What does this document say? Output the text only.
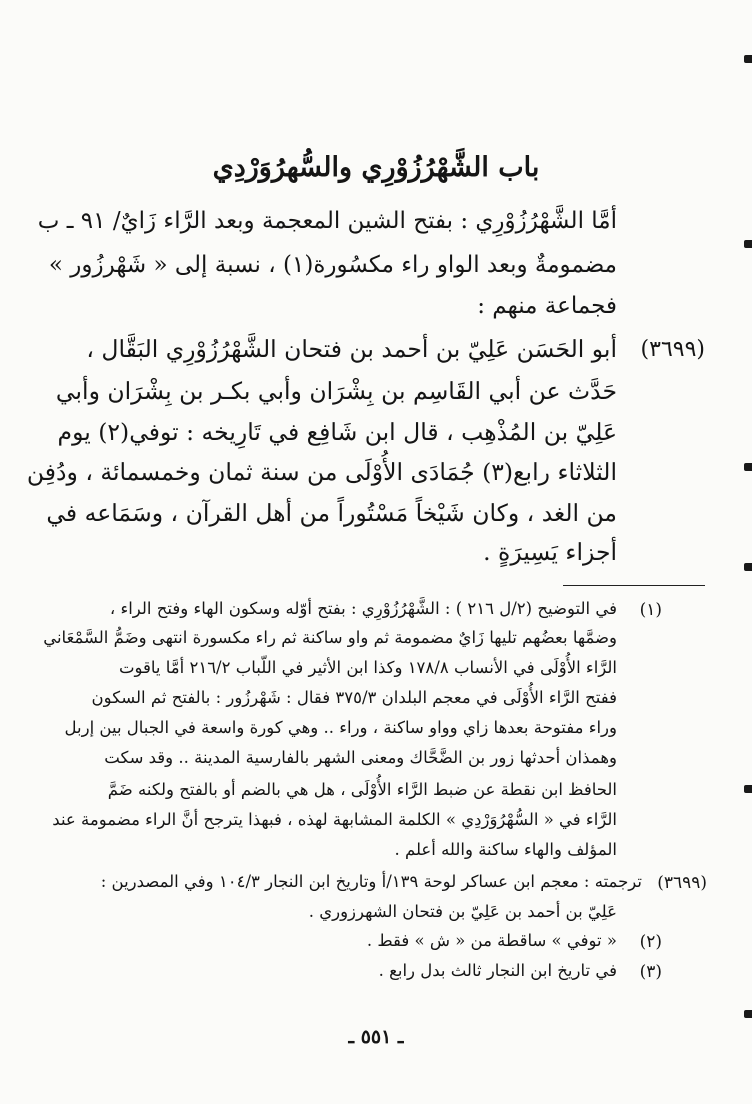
باب الشَّهْرُزُوْرِي والسُّهرُوَرْدِي
أمَّا الشَّهْرُزُوْرِي : بفتح الشين المعجمة وبعد الرَّاء زَايٌ/ ٩١ ـ ب
مضمومةٌ وبعد الواو راء مكسُورة(١) ، نسبة إلى « شَهْرزُور »
فجماعة منهم :
(٣٦٩٩)
أبو الحَسَن عَلِيّ بن أحمد بن فتحان الشَّهْرُزُوْرِي البَقَّال ،
حَدَّث عن أبي القَاسِم بن بِشْرَان وأبي بكـر بن بِشْرَان وأبي
عَلِيّ بن المُذْهِب ، قال ابن شَافِع في تَارِيخه : توفي(٢) يوم
الثلاثاء رابع(٣) جُمَادَى الأُوْلَى من سنة ثمان وخمسمائة ، ودُفِن
من الغد ، وكان شَيْخاً مَسْتُوراً من أهل القرآن ، وسَمَاعه في
أجزاء يَسِيرَةٍ .
(١)
في التوضيح (٢/ل ٢١٦ ) : الشَّهْرُزُوْرِي : بفتح أوّله وسكون الهاء وفتح الراء ،
وضمَّها بعضُهم تليها زَايٌ مضمومة ثم واو ساكنة ثم راء مكسورة انتهى وضَمُّ السَّمْعَاني
الرَّاء الأُوْلَى في الأنساب ١٧٨/٨ وكذا ابن الأثير في اللّباب ٢١٦/٢ أمَّا ياقوت
ففتح الرَّاء الأُوْلَى في معجم البلدان ٣٧٥/٣ فقال : شَهْرزُور : بالفتح ثم السكون
وراء مفتوحة بعدها زاي وواو ساكنة ، وراء .. وهي كورة واسعة في الجبال بين إربل
وهمذان أحدثها زور بن الضَّحَّاك ومعنى الشهر بالفارسية المدينة .. وقد سكت
الحافظ ابن نقطة عن ضبط الرَّاء الأُوْلَى ، هل هي بالضم أو بالفتح ولكنه ضَمَّ
الرَّاء في « السُّهْرُوَرْدِي » الكلمة المشابهة لهذه ، فبهذا يترجح أنَّ الراء مضمومة عند
المؤلف والهاء ساكنة والله أعلم .
(٣٦٩٩)
ترجمته : معجم ابن عساكر لوحة ١٣٩/أ وتاريخ ابن النجار ١٠٤/٣ وفي المصدرين :
عَلِيّ بن أحمد بن عَلِيّ بن فتحان الشهرزوري .
(٢)
« توفي » ساقطة من « ش » فقط .
(٣)
في تاريخ ابن النجار ثالث بدل رابع .
ـ ٥٥١ ـ
